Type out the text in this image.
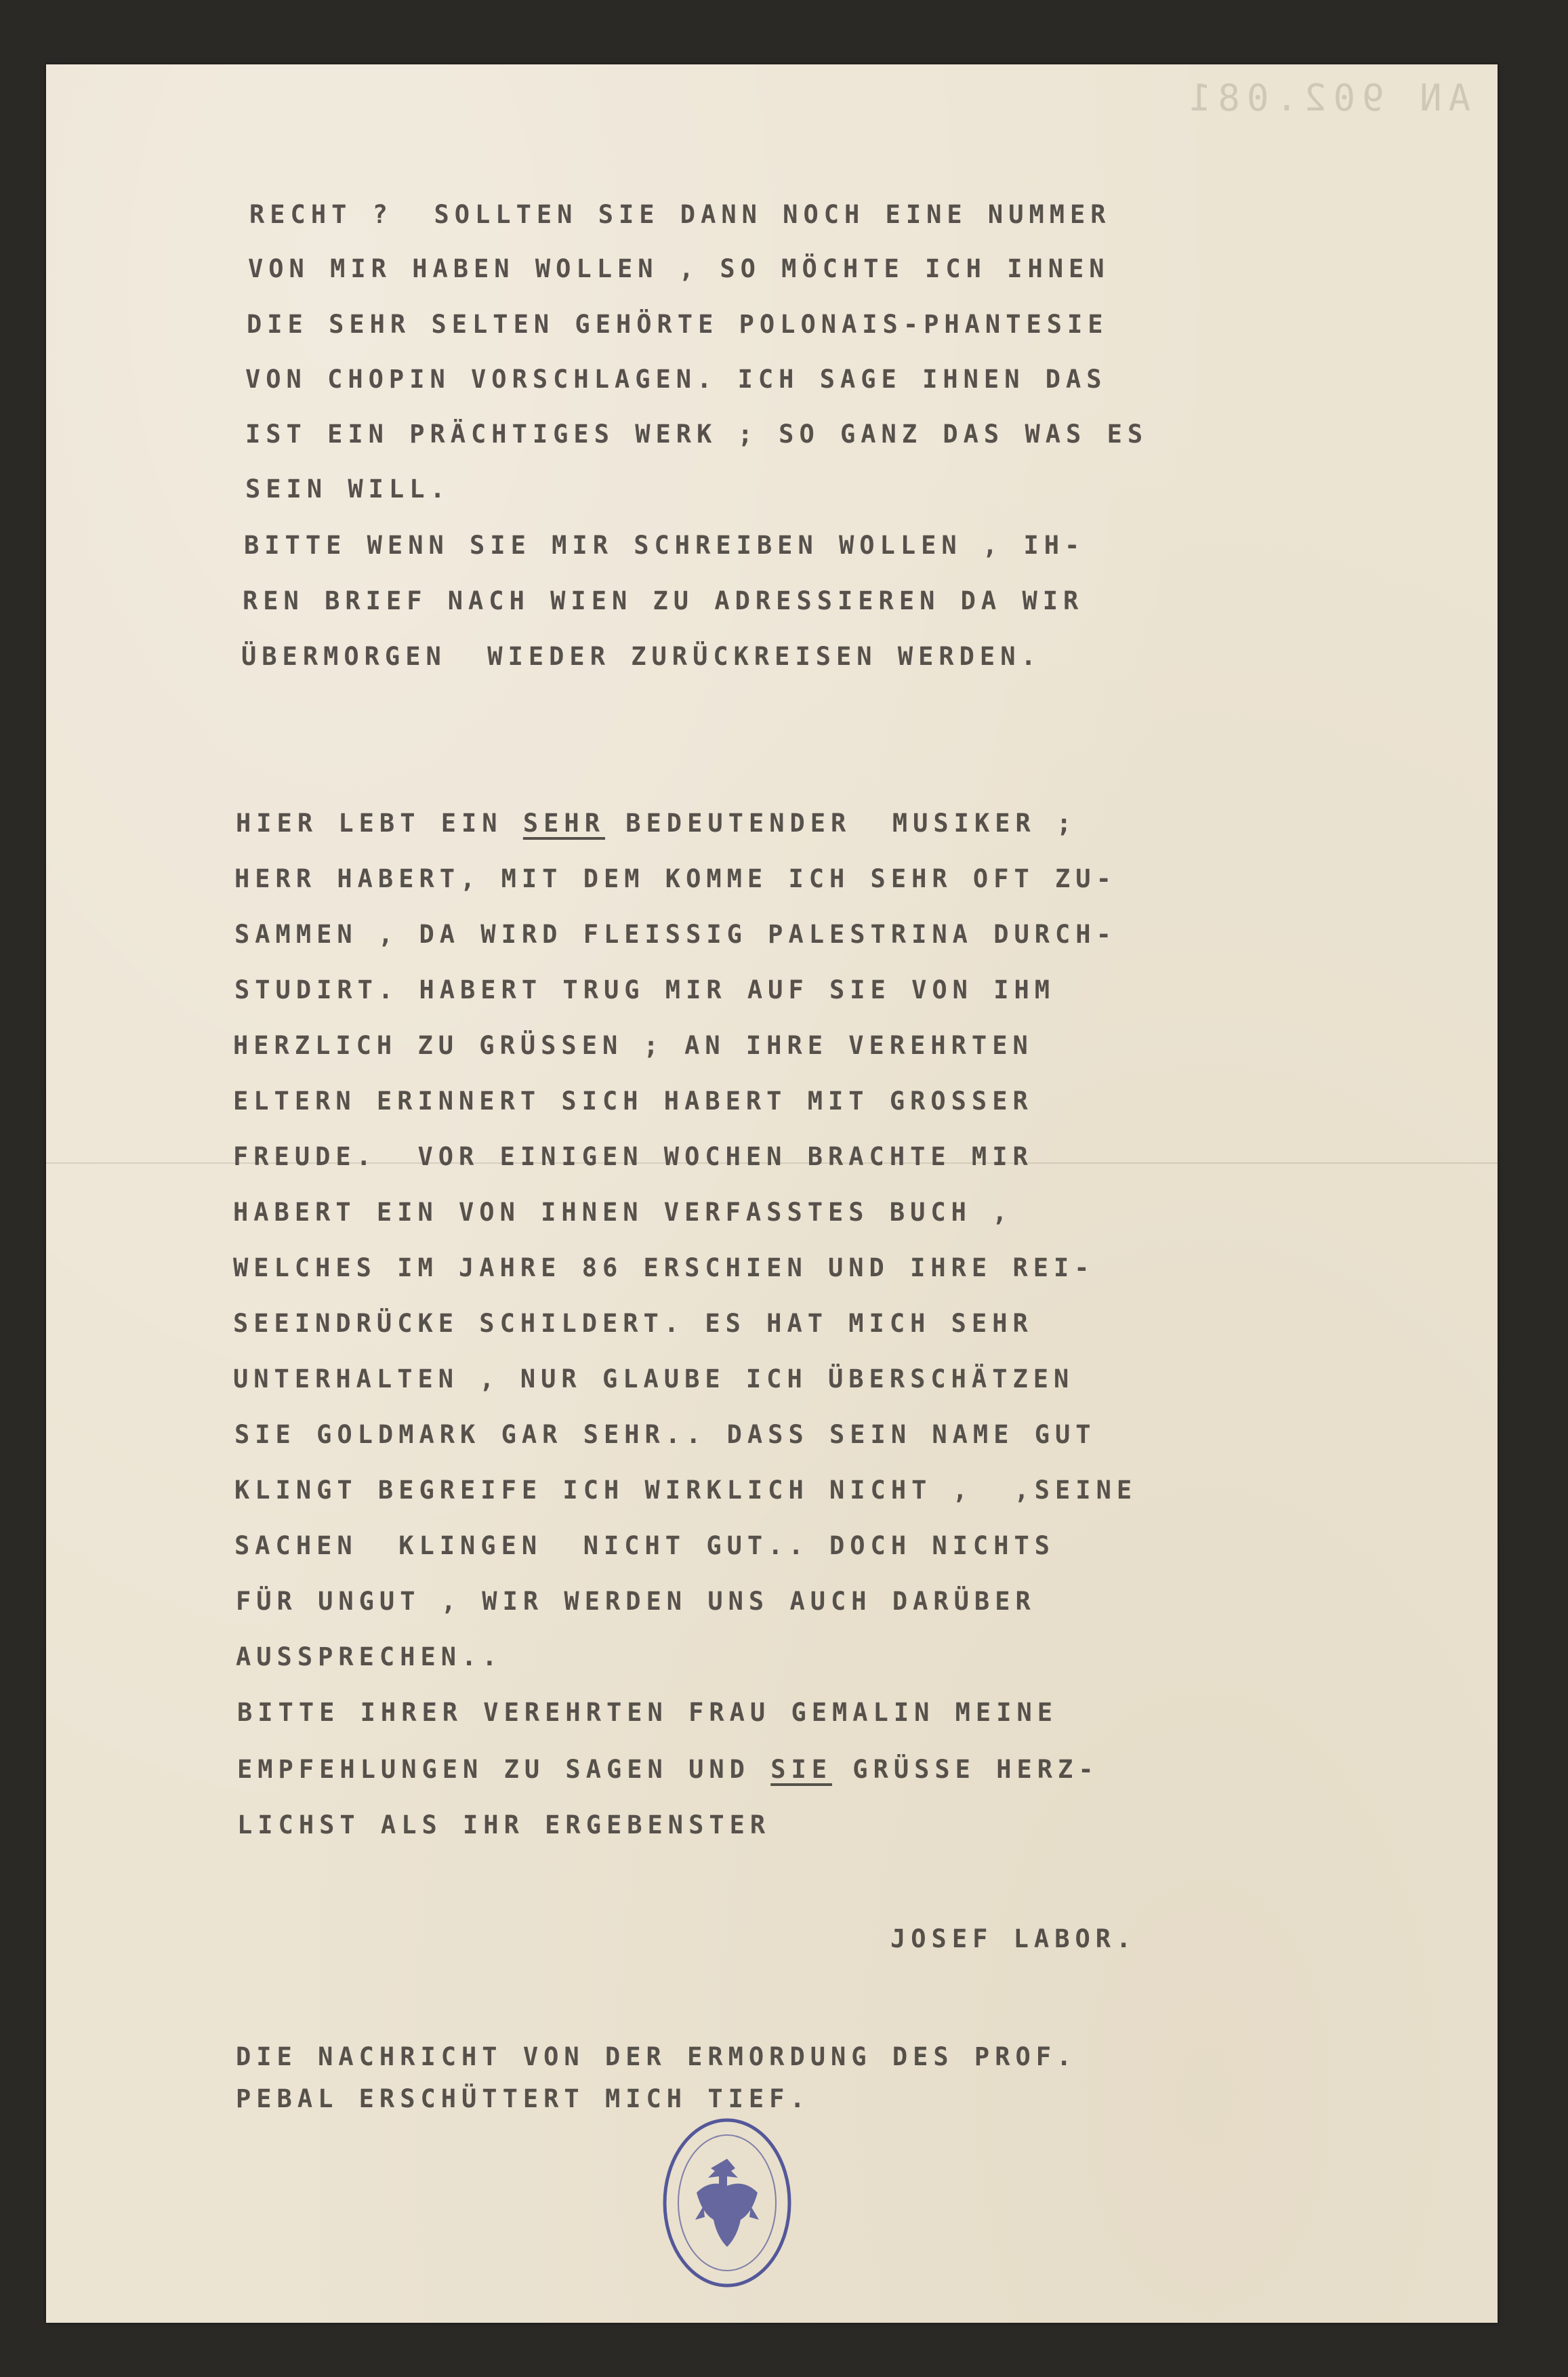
AN 902.081
RECHT ?  SOLLTEN SIE DANN NOCH EINE NUMMER
VON MIR HABEN WOLLEN , SO MÖCHTE ICH IHNEN
DIE SEHR SELTEN GEHÖRTE POLONAIS-PHANTESIE
VON CHOPIN VORSCHLAGEN. ICH SAGE IHNEN DAS
IST EIN PRÄCHTIGES WERK ; SO GANZ DAS WAS ES
SEIN WILL.
BITTE WENN SIE MIR SCHREIBEN WOLLEN , IH-
REN BRIEF NACH WIEN ZU ADRESSIEREN DA WIR
ÜBERMORGEN  WIEDER ZURÜCKREISEN WERDEN.
HIER LEBT EIN SEHR BEDEUTENDER  MUSIKER ;
HERR HABERT, MIT DEM KOMME ICH SEHR OFT ZU-
SAMMEN , DA WIRD FLEISSIG PALESTRINA DURCH-
STUDIRT. HABERT TRUG MIR AUF SIE VON IHM
HERZLICH ZU GRÜSSEN ; AN IHRE VEREHRTEN
ELTERN ERINNERT SICH HABERT MIT GROSSER
FREUDE.  VOR EINIGEN WOCHEN BRACHTE MIR
HABERT EIN VON IHNEN VERFASSTES BUCH ,
WELCHES IM JAHRE 86 ERSCHIEN UND IHRE REI-
SEEINDRÜCKE SCHILDERT. ES HAT MICH SEHR
UNTERHALTEN , NUR GLAUBE ICH ÜBERSCHÄTZEN
SIE GOLDMARK GAR SEHR.. DASS SEIN NAME GUT
KLINGT BEGREIFE ICH WIRKLICH NICHT ,  ,SEINE
SACHEN  KLINGEN  NICHT GUT.. DOCH NICHTS
FÜR UNGUT , WIR WERDEN UNS AUCH DARÜBER
AUSSPRECHEN..
BITTE IHRER VEREHRTEN FRAU GEMALIN MEINE
EMPFEHLUNGEN ZU SAGEN UND SIE GRÜSSE HERZ-
LICHST ALS IHR ERGEBENSTER
JOSEF LABOR.
DIE NACHRICHT VON DER ERMORDUNG DES PROF.
PEBAL ERSCHÜTTERT MICH TIEF.
